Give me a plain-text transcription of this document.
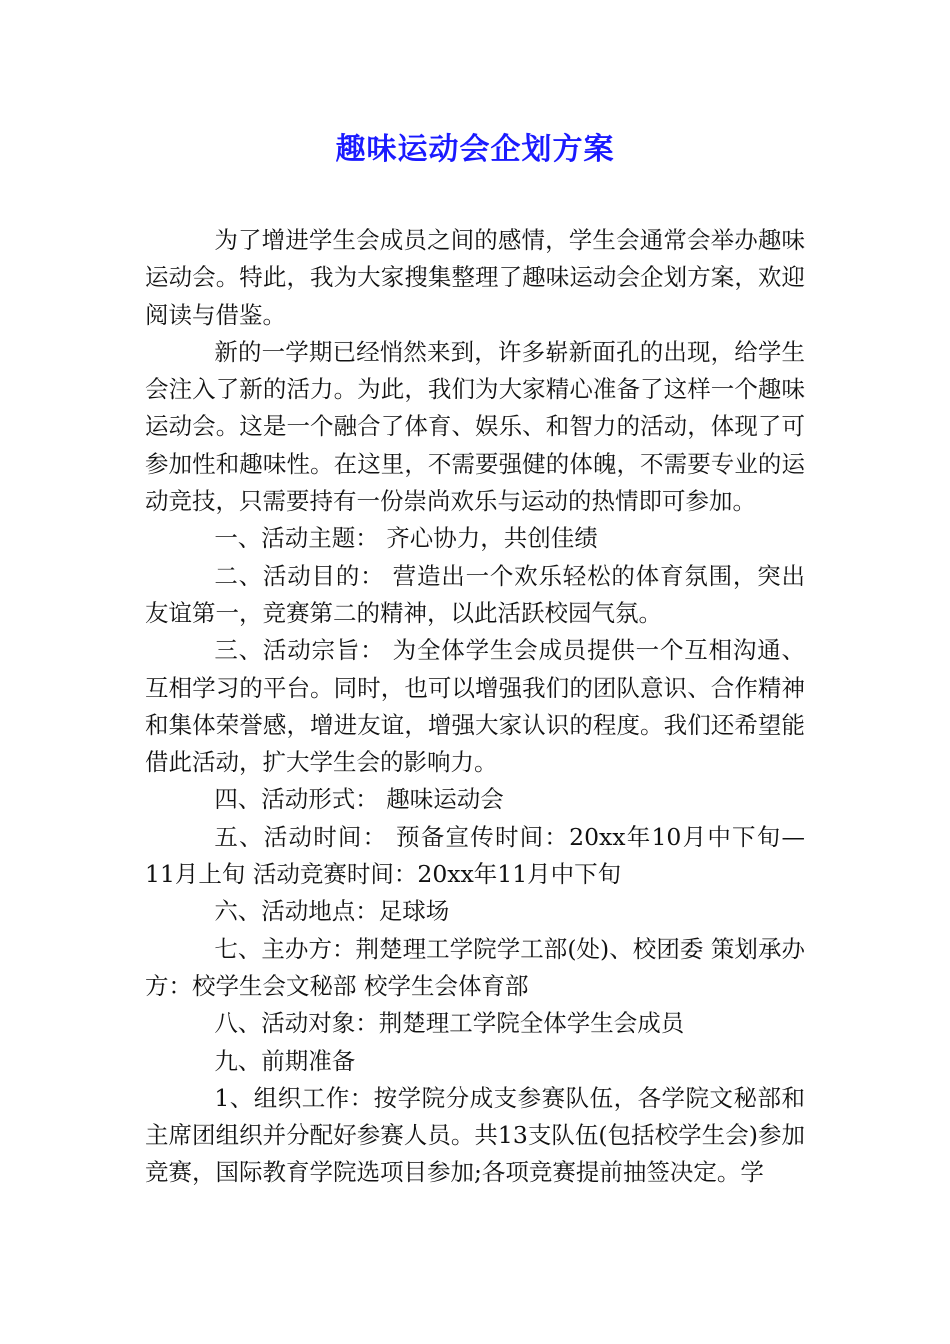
趣味运动会企划方案

为了增进学生会成员之间的感情，学生会通常会举办趣味运动会。特此，我为大家搜集整理了趣味运动会企划方案，欢迎阅读与借鉴。

新的一学期已经悄然来到，许多崭新面孔的出现，给学生会注入了新的活力。为此，我们为大家精心准备了这样一个趣味运动会。这是一个融合了体育、娱乐、和智力的活动，体现了可参加性和趣味性。在这里，不需要强健的体魄，不需要专业的运动竞技，只需要持有一份崇尚欢乐与运动的热情即可参加。

一、活动主题： 齐心协力，共创佳绩

二、活动目的： 营造出一个欢乐轻松的体育氛围，突出友谊第一，竞赛第二的精神，以此活跃校园气氛。

三、活动宗旨： 为全体学生会成员提供一个互相沟通、互相学习的平台。同时，也可以增强我们的团队意识、合作精神和集体荣誉感，增进友谊，增强大家认识的程度。我们还希望能借此活动，扩大学生会的影响力。

四、活动形式： 趣味运动会

五、活动时间： 预备宣传时间：20xx年10月中下旬—11月上旬 活动竞赛时间：20xx年11月中下旬

六、活动地点：足球场

七、主办方：荆楚理工学院学工部(处)、校团委 策划承办方：校学生会文秘部 校学生会体育部

八、活动对象：荆楚理工学院全体学生会成员

九、前期准备

1、组织工作：按学院分成支参赛队伍，各学院文秘部和主席团组织并分配好参赛人员。共13支队伍(包括校学生会)参加竞赛，国际教育学院选项目参加;各项竞赛提前抽签决定。学
